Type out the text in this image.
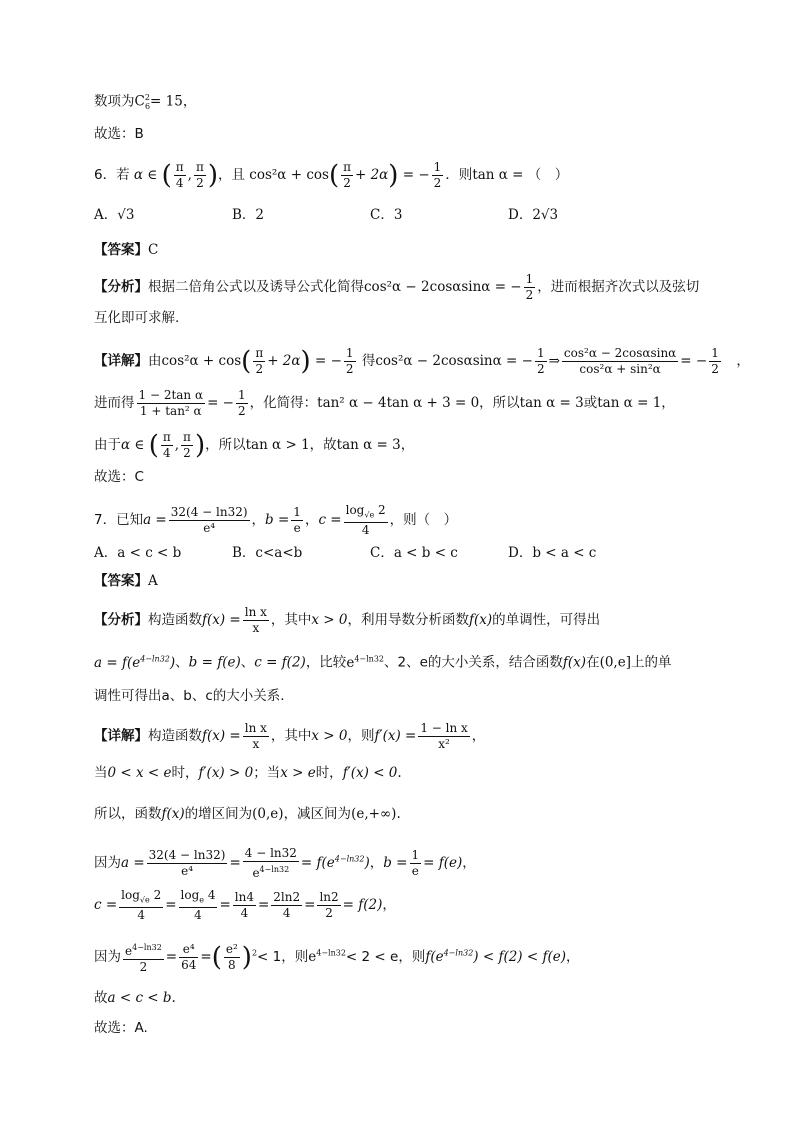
数项为$C^2_6= 15$，
故选：B
6．若 α ∈ ( $\frac{\pi}{4}$ , $\frac{\pi}{2}$ )，且 $\cos^2\alpha + \cos( \frac{\pi}{2} + 2\alpha)$ = − $\frac{1}{2}$ ．则tan α = （　）
A．√3	B．2	C．3	D．2√3
【答案】C
【分析】根据二倍角公式以及诱导公式化简得cos²α − 2cosαsinα = − $\frac{1}{2}$ ，进而根据齐次式以及弦切
互化即可求解.
【详解】由$\cos^2\alpha + \cos( \frac{\pi}{2} + 2\alpha)$ = − $\frac{1}{2}$ 得cos²α − 2cosαsinα = − $\frac{1}{2}$ ⇒ $\frac{\text{cos²α − 2cosαsinα}}{\text{cos²α + sin²α}}$ = − $\frac{1}{2}$ 　，
进而得 $\frac{\text{1 − 2tan α}}{\text{1 + tan² α}}$ = − $\frac{1}{2}$ ，化简得：tan² α − 4tan α + 3 = 0，所以tan α = 3或tan α = 1，
由于α ∈ ( $\frac{\pi}{4}$ , $\frac{\pi}{2}$ )，所以tan α > 1，故tan α = 3，
故选：C
7．已知$a = \frac{32(4 - \ln 32)}{\text{e⁴}}$ ，$b = \frac{1}{e}$ ，$c = \frac{\log_{√e} 2}{4}$ ，则（　）
A．a < c < b	B．c<a<b	C．a < b < c	D．b < a < c
【答案】A
【分析】构造函数$f(x) = \frac{\text{ln x}}{x}$ ，其中x > 0，利用导数分析函数f(x)的单调性，可得出
$a = f(e^{4-ln32})$、b = f(e)、c = f(2)，比较$e^{4-ln32}$、2、e的大小关系，结合函数f(x)在(0,e]上的单
调性可得出a、b、c的大小关系.
【详解】构造函数$f(x) = \frac{\text{ln x}}{x}$ ，其中x > 0，则$f'(x) = \frac{\text{1 − ln x}}{\text{x²}}$ ，
当0 < x < e时，f′(x) > 0；当x > e时，f′(x) < 0.
所以，函数f(x)的增区间为(0,e)，减区间为(e,+∞).
因为$a = \frac{32(4 - \ln 32)}{\text{e⁴}} = \frac{4 - \ln 32}{e^{4-ln32}} = f(e^{4-ln32})$，$b = \frac{1}{e} = f(e)$，
$c = \frac{\log_{√e} 2}{4} = \frac{\log_e 4}{4} = \frac{\ln 4}{4} = \frac{2\ln 2}{4} = \frac{\ln 2}{2} = f(2)$，
因为 $\frac{e^{4-ln32}}{2} = \frac{\text{e⁴}}{64}$ =( $\frac{\text{e²}}{8} )^2< 1$，则$e^{4-ln32}< 2 < e$，则$f(e^{4-ln32}) < f(2) < f(e)$，
故a < c < b.
故选：A.
